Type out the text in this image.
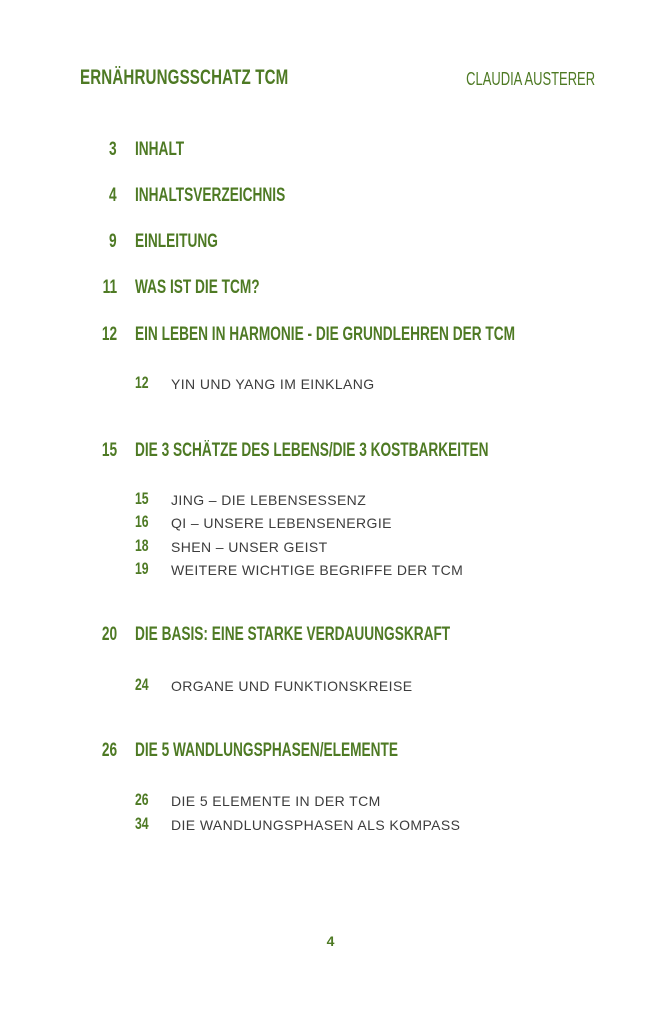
ERNÄHRUNGSSCHATZ TCM	CLAUDIA AUSTERER
3 INHALT
4 INHALTSVERZEICHNIS
9 EINLEITUNG
11 WAS IST DIE TCM?
12 EIN LEBEN IN HARMONIE - DIE GRUNDLEHREN DER TCM
12 YIN UND YANG IM EINKLANG
15 DIE 3 SCHÄTZE DES LEBENS/DIE 3 KOSTBARKEITEN
15 JING – DIE LEBENSESSENZ
16 QI – UNSERE LEBENSENERGIE
18 SHEN – UNSER GEIST
19 WEITERE WICHTIGE BEGRIFFE DER TCM
20 DIE BASIS: EINE STARKE VERDAUUNGSKRAFT
24 ORGANE UND FUNKTIONSKREISE
26 DIE 5 WANDLUNGSPHASEN/ELEMENTE
26 DIE 5 ELEMENTE IN DER TCM
34 DIE WANDLUNGSPHASEN ALS KOMPASS
4
